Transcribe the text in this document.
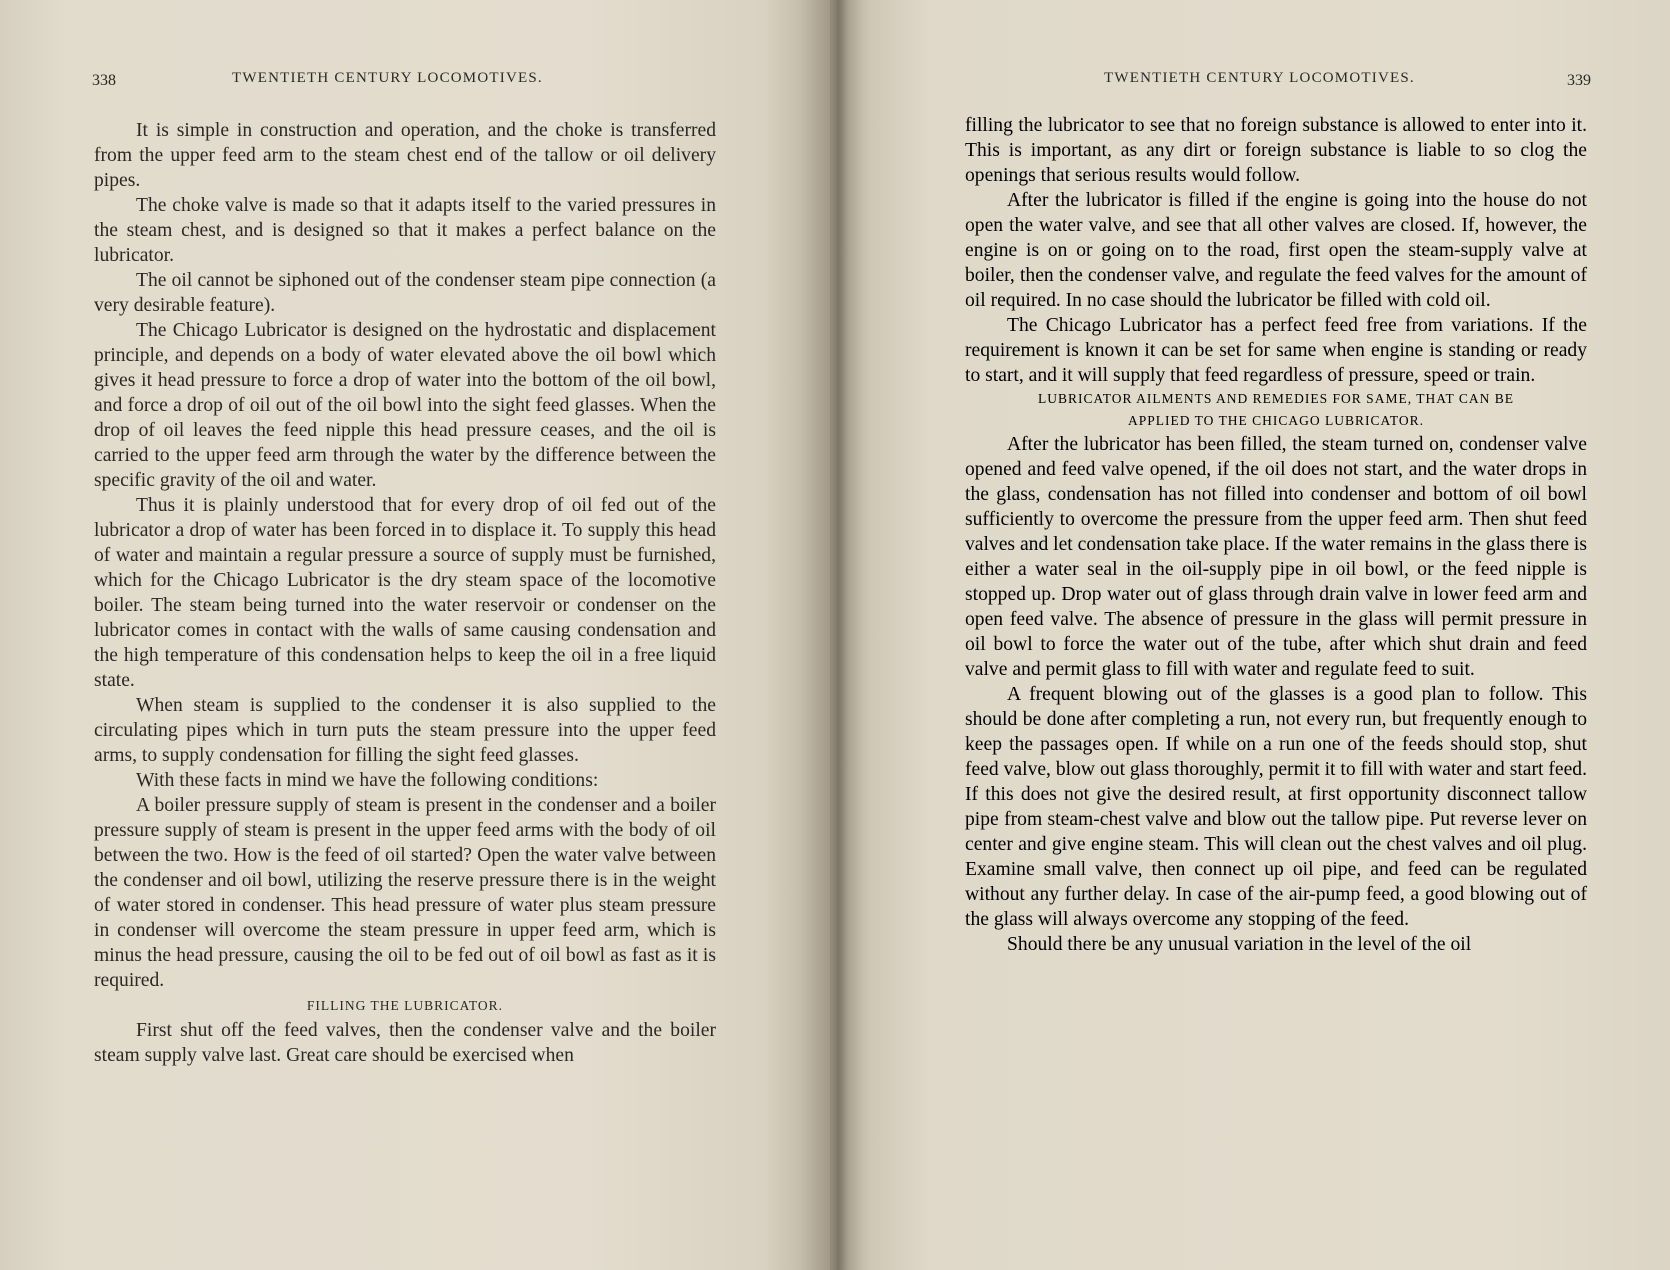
338	TWENTIETH CENTURY LOCOMOTIVES.

It is simple in construction and operation, and the choke is transferred from the upper feed arm to the steam chest end of the tallow or oil delivery pipes.

The choke valve is made so that it adapts itself to the varied pressures in the steam chest, and is designed so that it makes a perfect balance on the lubricator.

The oil cannot be siphoned out of the condenser steam pipe connection (a very desirable feature).

The Chicago Lubricator is designed on the hydrostatic and displacement principle, and depends on a body of water elevated above the oil bowl which gives it head pressure to force a drop of water into the bottom of the oil bowl, and force a drop of oil out of the oil bowl into the sight feed glasses. When the drop of oil leaves the feed nipple this head pressure ceases, and the oil is carried to the upper feed arm through the water by the difference between the specific gravity of the oil and water.

Thus it is plainly understood that for every drop of oil fed out of the lubricator a drop of water has been forced in to displace it. To supply this head of water and maintain a regular pressure a source of supply must be furnished, which for the Chicago Lubricator is the dry steam space of the locomotive boiler. The steam being turned into the water reservoir or condenser on the lubricator comes in contact with the walls of same causing condensation and the high temperature of this condensation helps to keep the oil in a free liquid state.

When steam is supplied to the condenser it is also supplied to the circulating pipes which in turn puts the steam pressure into the upper feed arms, to supply condensation for filling the sight feed glasses.

With these facts in mind we have the following conditions:

A boiler pressure supply of steam is present in the condenser and a boiler pressure supply of steam is present in the upper feed arms with the body of oil between the two. How is the feed of oil started? Open the water valve between the condenser and oil bowl, utilizing the reserve pressure there is in the weight of water stored in condenser. This head pressure of water plus steam pressure in condenser will overcome the steam pressure in upper feed arm, which is minus the head pressure, causing the oil to be fed out of oil bowl as fast as it is required.

FILLING THE LUBRICATOR.

First shut off the feed valves, then the condenser valve and the boiler steam supply valve last. Great care should be exercised when

TWENTIETH CENTURY LOCOMOTIVES.	339

filling the lubricator to see that no foreign substance is allowed to enter into it. This is important, as any dirt or foreign substance is liable to so clog the openings that serious results would follow.

After the lubricator is filled if the engine is going into the house do not open the water valve, and see that all other valves are closed. If, however, the engine is on or going on to the road, first open the steam-supply valve at boiler, then the condenser valve, and regulate the feed valves for the amount of oil required. In no case should the lubricator be filled with cold oil.

The Chicago Lubricator has a perfect feed free from variations. If the requirement is known it can be set for same when engine is standing or ready to start, and it will supply that feed regardless of pressure, speed or train.

LUBRICATOR AILMENTS AND REMEDIES FOR SAME, THAT CAN BE

APPLIED TO THE CHICAGO LUBRICATOR.

After the lubricator has been filled, the steam turned on, condenser valve opened and feed valve opened, if the oil does not start, and the water drops in the glass, condensation has not filled into condenser and bottom of oil bowl sufficiently to overcome the pressure from the upper feed arm. Then shut feed valves and let condensation take place. If the water remains in the glass there is either a water seal in the oil-supply pipe in oil bowl, or the feed nipple is stopped up. Drop water out of glass through drain valve in lower feed arm and open feed valve. The absence of pressure in the glass will permit pressure in oil bowl to force the water out of the tube, after which shut drain and feed valve and permit glass to fill with water and regulate feed to suit.

A frequent blowing out of the glasses is a good plan to follow. This should be done after completing a run, not every run, but frequently enough to keep the passages open. If while on a run one of the feeds should stop, shut feed valve, blow out glass thoroughly, permit it to fill with water and start feed. If this does not give the desired result, at first opportunity disconnect tallow pipe from steam-chest valve and blow out the tallow pipe. Put reverse lever on center and give engine steam. This will clean out the chest valves and oil plug. Examine small valve, then connect up oil pipe, and feed can be regulated without any further delay. In case of the air-pump feed, a good blowing out of the glass will always overcome any stopping of the feed.

Should there be any unusual variation in the level of the oil
